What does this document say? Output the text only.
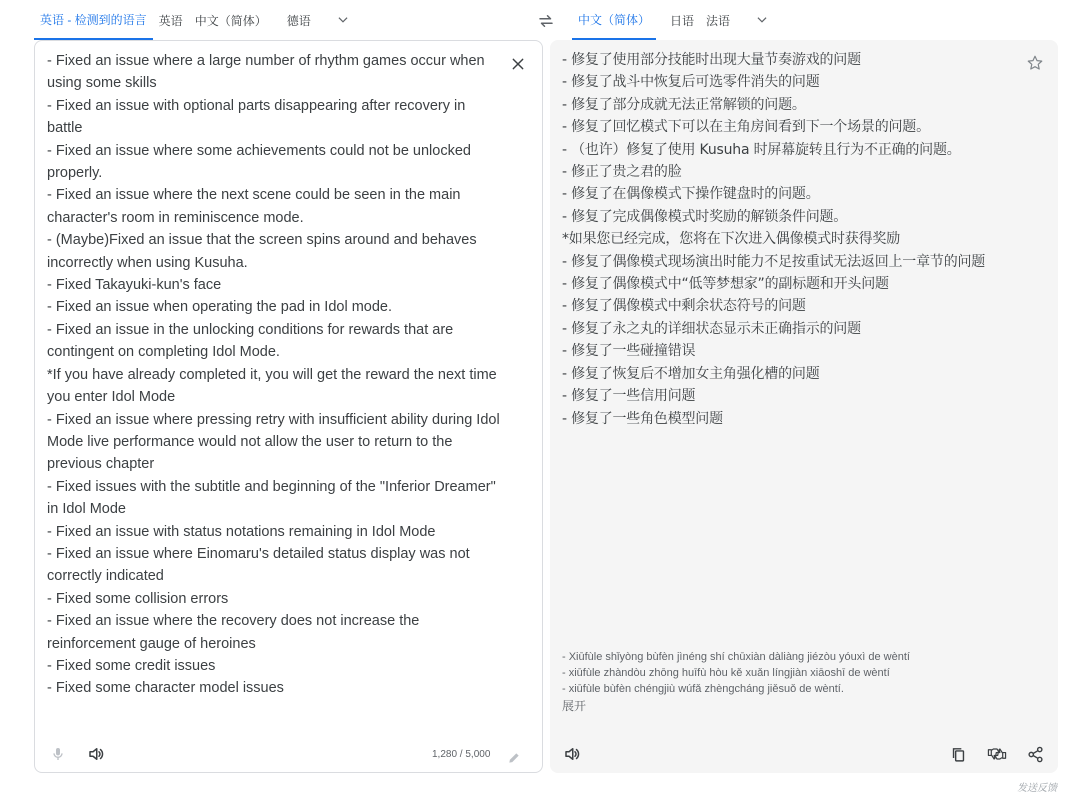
英语 - 检测到的语言	英语	中文（简体）	德语	中文（简体）	日语	法语
- Fixed an issue where a large number of rhythm games occur when using some skills
- Fixed an issue with optional parts disappearing after recovery in battle
- Fixed an issue where some achievements could not be unlocked properly.
- Fixed an issue where the next scene could be seen in the main character's room in reminiscence mode.
- (Maybe)Fixed an issue that the screen spins around and behaves incorrectly when using Kusuha.
- Fixed Takayuki-kun's face
- Fixed an issue when operating the pad in Idol mode.
- Fixed an issue in the unlocking conditions for rewards that are contingent on completing Idol Mode.
*If you have already completed it, you will get the reward the next time you enter Idol Mode
- Fixed an issue where pressing retry with insufficient ability during Idol Mode live performance would not allow the user to return to the previous chapter
- Fixed issues with the subtitle and beginning of the "Inferior Dreamer" in Idol Mode
- Fixed an issue with status notations remaining in Idol Mode
- Fixed an issue where Einomaru's detailed status display was not correctly indicated
- Fixed some collision errors
- Fixed an issue where the recovery does not increase the reinforcement gauge of heroines
- Fixed some credit issues
- Fixed some character model issues
1,280 / 5,000
- 修复了使用部分技能时出现大量节奏游戏的问题
- 修复了战斗中恢复后可选零件消失的问题
- 修复了部分成就无法正常解锁的问题。
- 修复了回忆模式下可以在主角房间看到下一个场景的问题。
- （也许）修复了使用 Kusuha 时屏幕旋转且行为不正确的问题。
- 修正了贵之君的脸
- 修复了在偶像模式下操作键盘时的问题。
- 修复了完成偶像模式时奖励的解锁条件问题。
*如果您已经完成，您将在下次进入偶像模式时获得奖励
- 修复了偶像模式现场演出时能力不足按重试无法返回上一章节的问题
- 修复了偶像模式中“低等梦想家”的副标题和开头问题
- 修复了偶像模式中剩余状态符号的问题
- 修复了永之丸的详细状态显示未正确指示的问题
- 修复了一些碰撞错误
- 修复了恢复后不增加女主角强化槽的问题
- 修复了一些信用问题
- 修复了一些角色模型问题
- Xiūfùle shǐyòng bùfèn jìnéng shí chūxiàn dàliàng jiézòu yóuxì de wèntí
- xiūfùle zhàndòu zhōng huīfù hòu kě xuǎn língjiàn xiāoshī de wèntí
- xiūfùle bùfèn chéngjiù wúfǎ zhèngcháng jiěsuǒ de wèntí.
展开
发送反馈
